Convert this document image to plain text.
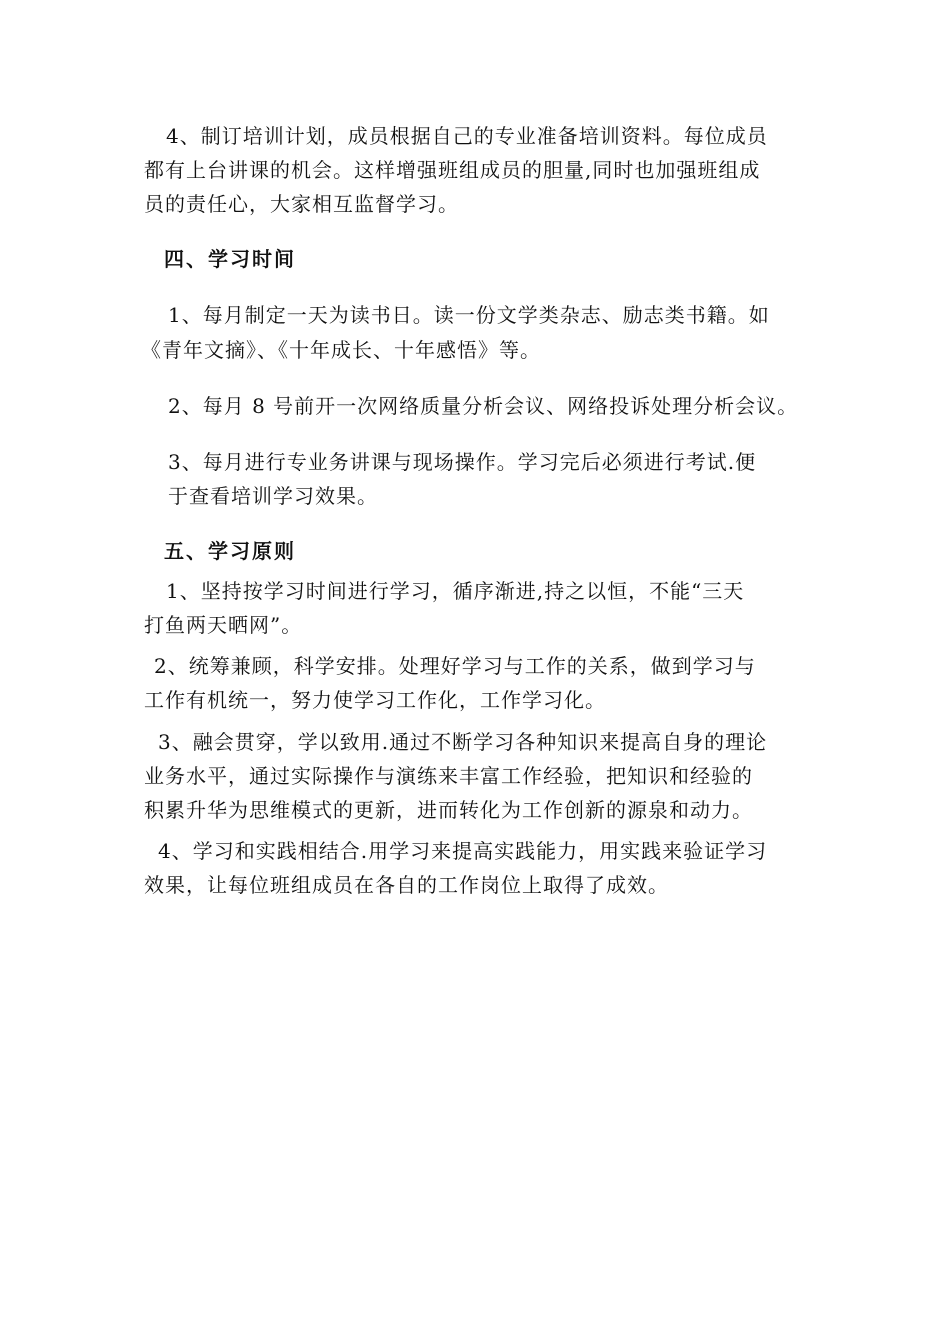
4、制订培训计划，成员根据自己的专业准备培训资料。每位成员
都有上台讲课的机会。这样增强班组成员的胆量,同时也加强班组成
员的责任心，大家相互监督学习。
四、学习时间
1、每月制定一天为读书日。读一份文学类杂志、励志类书籍。如
《青年文摘》、《十年成长、十年感悟》等。
2、每月 8 号前开一次网络质量分析会议、网络投诉处理分析会议。
3、每月进行专业务讲课与现场操作。学习完后必须进行考试.便
于查看培训学习效果。
五、学习原则
1、坚持按学习时间进行学习，循序渐进,持之以恒，不能“三天
打鱼两天晒网”。
2、统筹兼顾，科学安排。处理好学习与工作的关系，做到学习与
工作有机统一，努力使学习工作化，工作学习化。
3、融会贯穿，学以致用.通过不断学习各种知识来提高自身的理论
业务水平，通过实际操作与演练来丰富工作经验，把知识和经验的
积累升华为思维模式的更新，进而转化为工作创新的源泉和动力。
4、学习和实践相结合.用学习来提高实践能力，用实践来验证学习
效果，让每位班组成员在各自的工作岗位上取得了成效。
